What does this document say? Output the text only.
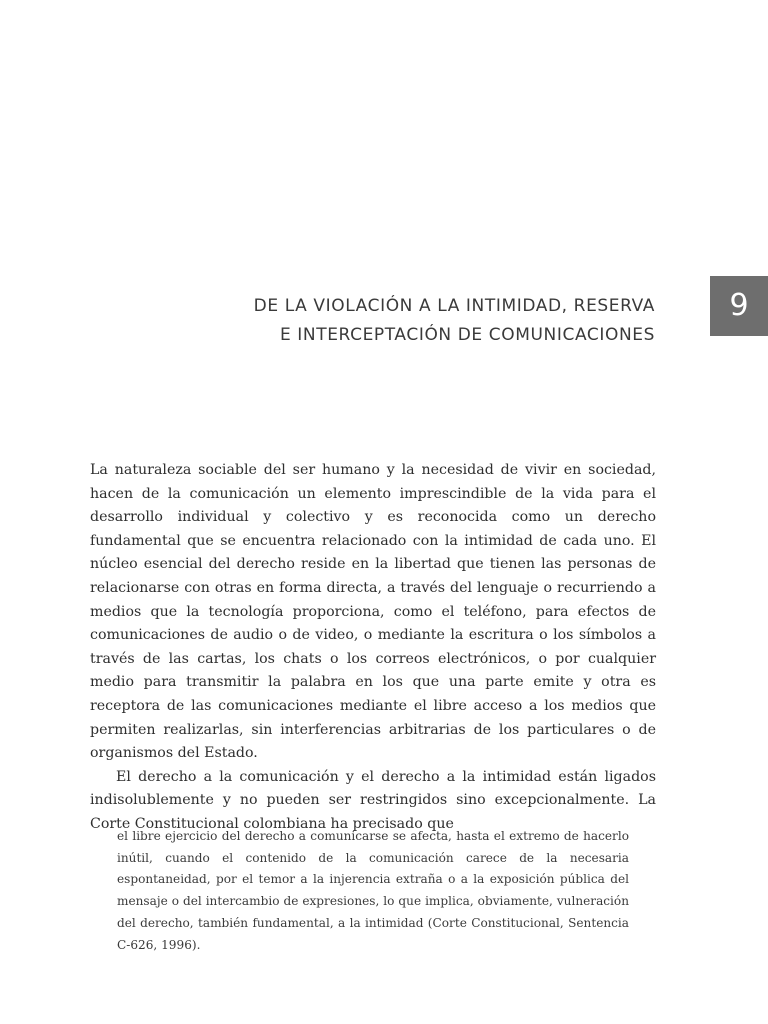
DE LA VIOLACIÓN A LA INTIMIDAD, RESERVA
E INTERCEPTACIÓN DE COMUNICACIONES
9

La naturaleza sociable del ser humano y la necesidad de vivir en sociedad, hacen de la comunicación un elemento imprescindible de la vida para el desarrollo individual y colectivo y es reconocida como un derecho fundamental que se encuentra relacionado con la intimidad de cada uno. El núcleo esencial del derecho reside en la libertad que tienen las personas de relacionarse con otras en forma directa, a través del lenguaje o recurriendo a medios que la tecnología proporciona, como el teléfono, para efectos de comunicaciones de audio o de video, o mediante la escritura o los símbolos a través de las cartas, los chats o los correos electrónicos, o por cualquier medio para transmitir la palabra en los que una parte emite y otra es receptora de las comunicaciones mediante el libre acceso a los medios que permiten realizarlas, sin interferencias arbitrarias de los particulares o de organismos del Estado.

El derecho a la comunicación y el derecho a la intimidad están ligados indisolublemente y no pueden ser restringidos sino excepcionalmente. La Corte Constitucional colombiana ha precisado que

el libre ejercicio del derecho a comunicarse se afecta, hasta el extremo de hacerlo inútil, cuando el contenido de la comunicación carece de la necesaria espontaneidad, por el temor a la injerencia extraña o a la exposición pública del mensaje o del intercambio de expresiones, lo que implica, obviamente, vulneración del derecho, también fundamental, a la intimidad (Corte Constitucional, Sentencia C-626, 1996).
